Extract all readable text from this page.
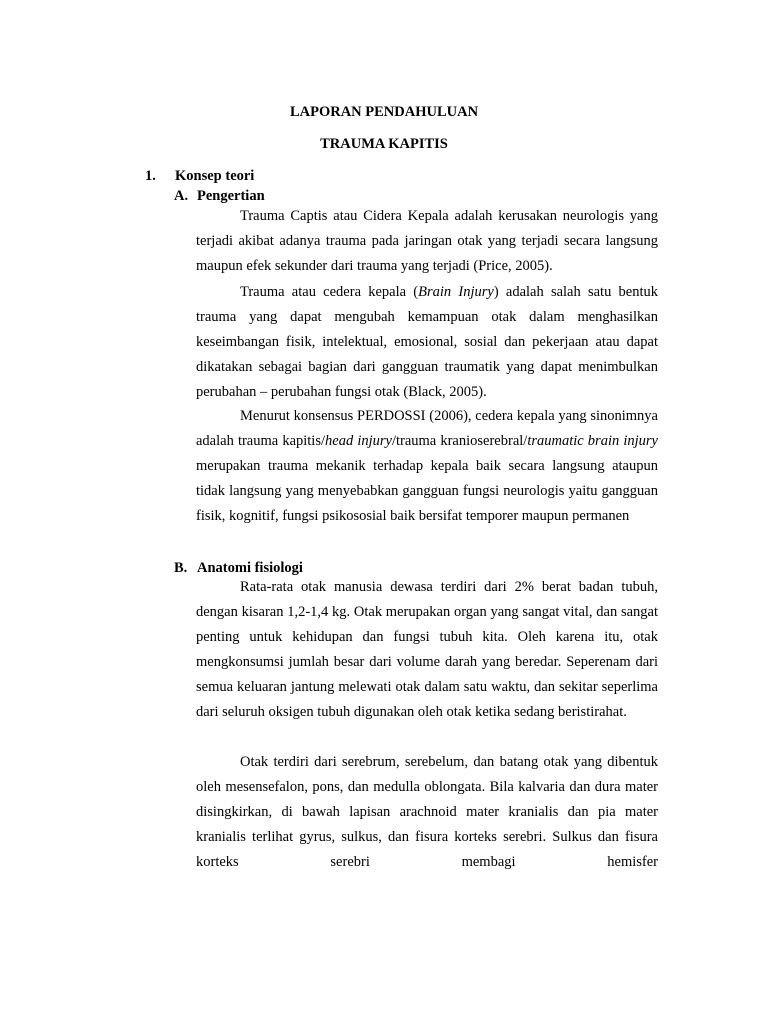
LAPORAN PENDAHULUAN
TRAUMA KAPITIS
1. Konsep teori
A. Pengertian

Trauma Captis atau Cidera Kepala adalah kerusakan neurologis yang terjadi akibat adanya trauma pada jaringan otak yang terjadi secara langsung maupun efek sekunder dari trauma yang terjadi (Price, 2005).

Trauma atau cedera kepala (Brain Injury) adalah salah satu bentuk trauma yang dapat mengubah kemampuan otak dalam menghasilkan keseimbangan fisik, intelektual, emosional, sosial dan pekerjaan atau dapat dikatakan sebagai bagian dari gangguan traumatik yang dapat menimbulkan perubahan – perubahan fungsi otak (Black, 2005).

Menurut konsensus PERDOSSI (2006), cedera kepala yang sinonimnya adalah trauma kapitis/head injury/trauma kranioserebral/traumatic brain injury merupakan trauma mekanik terhadap kepala baik secara langsung ataupun tidak langsung yang menyebabkan gangguan fungsi neurologis yaitu gangguan fisik, kognitif, fungsi psikososial baik bersifat temporer maupun permanen

B. Anatomi fisiologi

Rata-rata otak manusia dewasa terdiri dari 2% berat badan tubuh, dengan kisaran 1,2-1,4 kg. Otak merupakan organ yang sangat vital, dan sangat penting untuk kehidupan dan fungsi tubuh kita. Oleh karena itu, otak mengkonsumsi jumlah besar dari volume darah yang beredar. Seperenam dari semua keluaran jantung melewati otak dalam satu waktu, dan sekitar seperlima dari seluruh oksigen tubuh digunakan oleh otak ketika sedang beristirahat.

Otak terdiri dari serebrum, serebelum, dan batang otak yang dibentuk oleh mesensefalon, pons, dan medulla oblongata. Bila kalvaria dan dura mater disingkirkan, di bawah lapisan arachnoid mater kranialis dan pia mater kranialis terlihat gyrus, sulkus, dan fisura korteks serebri. Sulkus dan fisura korteks serebri membagi hemisfer
